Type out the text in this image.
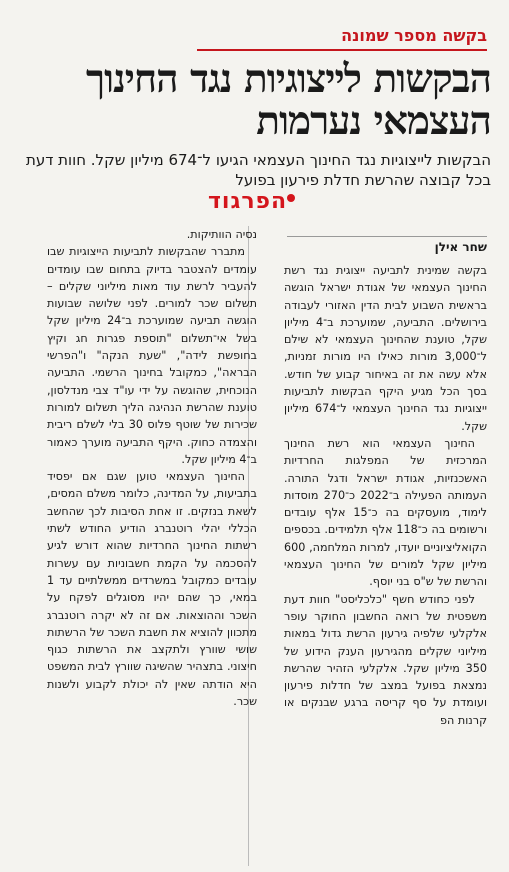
בקשה מספר שמונה
הבקשות לייצוגיות נגד החינוך העצמאי נערמות

הבקשות לייצוגיות נגד החינוך העצמאי הגיעו ל־674 מיליון שקל. חוות דעת בכל קבוצה שהרשת חדלת פירעון בפועל

הפרגוד
שחר אילן

בקשה שמינית לתביעה ייצוגית נגד רשת החינוך העצמאי של אגודת ישראל הוגשה בראשית השבוע לבית הדין האזורי לעבודה בירושלים. התביעה, שמוערכת ב־4 מיליון שקל, טוענת שהחינוך העצמאי לא שילם ל־3,000 מורות כאילו היו מורות זמניות, אלא עשה את זה באיחור קבוע של חודש. בסך הכל מגיע היקף הבקשות לתביעות ייצוגיות נגד החינוך העצמאי ל־674 מיליון שקל.

החינוך העצמאי הוא רשת החינוך המרכזית של המפלגות החרדיות האשכנזיות, אגודת ישראל ודגל התורה. העמותה הפעילה ב־2022 כ־270 מוסדות לימוד, מועסקים בה כ־15 אלף עובדים ורשומים בה כ־118 אלף תלמידים. בכספים הקואליציוניים יועדו, למרות המלחמה, 600 מיליון שקל למורים של החינוך העצמאי והרשת של ש"ס בני יוסף.

לפני כחודש חשף "כלכליסט" חוות דעת משפטית של רואה החשבון החוקר עופר אלקלעי שלפיה גירעון הרשת גדול במאות מיליוני שקלים מהגירעון הענק הידוע של 350 מיליון שקל. אלקלעי הזהיר שהרשת נמצאת בפועל במצב של חדלות פירעון ועומדת על סף קריסה ברגע שבנקים או קרנות הפ

נסיה הוותיקות.

מתברר שהבקשות לתביעות הייצוגיות שבו עומדים להצטבר בדיוק בתחום שבו עומדים להעביר לרשת עוד מאות מיליוני שקלים – תשלום שכר למורים. לפני שלושה שבועות הוגשה תביעה שמוערכת ב־24 מיליון שקל בשל אי־תשלום "תוספת פגרות חג וקיץ בחופשת לידה", "שעת הנקה" ו"הפרשי הבראה", כמקובל בחינוך הרשמי. התביעה הנוכחית, שהוגשה על ידי עו"ד צבי מנדלסון, טוענת שהרשת הנהיגה הליך תשלום למורות שכירות של שוטף פלוס 30 בלי לשלם ריבית והצמדה כחוק. היקף התביעה מוערך כאמור ב־4 מיליון שקל.

החינוך העצמאי טוען שגם אם יפסיד בתביעות, על המדינה, כלומר משלם המסים, לשאת בנזקים. זו אחת הסיבות לכך שהחשב הכללי יהלי רוטנברג הודיע החודש לשתי רשתות החינוך החרדיות שהוא דורש לגיע להסכמה על הקמת חשבוניות עם עשרות עובדים כמקובל במשרדים ממשלתיים עד 1 במאי, כך שהם יהיו מסוגלים לפקח על השכר וההוצאות. אם זה לא יקרה רוטנברג מתכוון להוציא את חשבת השכר של הרשתות שושי שוורץ ולתקצב את הרשתות כגוף חיצוני. בתצהיר שהשיגה שוורץ לבית המשפט היא הודתה שאין לה יכולת לקבוע ולשנות שכר.
